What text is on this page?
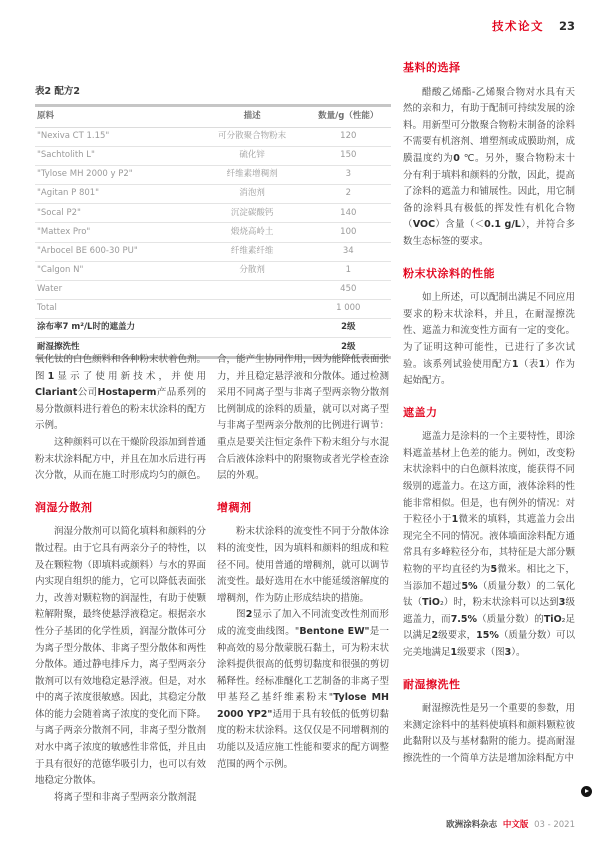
技术论文 23

表2 配方2

原料	描述	数量/g（性能）
"Nexiva CT 1.15"	可分散聚合物粉末	120
"Sachtolith L"	硫化锌	150
"Tylose MH 2000 y P2"	纤维素增稠剂	3
"Agitan P 801"	消泡剂	2
"Socal P2"	沉淀碳酸钙	140
"Mattex Pro"	煅烧高岭土	100
"Arbocel BE 600-30 PU"	纤维素纤维	34
"Calgon N"	分散剂	1
Water		450
Total		1 000
涂布率7 m²/L时的遮盖力		2级
耐湿擦洗性		2级

氧化钛的白色颜料和各种粉末状着色剂。图1显示了使用新技术，并使用Clariant公司Hostaperm产品系列的易分散颜料进行着色的粉末状涂料的配方示例。

这种颜料可以在干燥阶段添加到普通粉末状涂料配方中，并且在加水后进行再次分散，从而在施工时形成均匀的颜色。

润湿分散剂

润湿分散剂可以简化填料和颜料的分散过程。由于它具有两亲分子的特性，以及在颗粒物（即填料或颜料）与水的界面内实现自组织的能力，它可以降低表面张力，改善对颗粒物的润湿性，有助于使颗粒解附聚，最终使悬浮液稳定。根据亲水性分子基团的化学性质，润湿分散体可分为离子型分散体、非离子型分散体和两性分散体。通过静电排斥力，离子型两亲分散剂可以有效地稳定悬浮液。但是，对水中的离子浓度很敏感。因此，其稳定分散体的能力会随着离子浓度的变化而下降。与离子两亲分散剂不同，非离子型分散剂对水中离子浓度的敏感性非常低，并且由于具有很好的范德华吸引力，也可以有效地稳定分散体。

将离子型和非离子型两亲分散剂混

合，能产生协同作用，因为能降低表面张力，并且稳定悬浮液和分散体。通过检测采用不同离子型与非离子型两亲物分散剂比例制成的涂料的质量，就可以对离子型与非离子型两亲分散剂的比例进行调节：重点是要关注恒定条件下粉末组分与水混合后液体涂料中的附聚物或者光学检查涂层的外观。

增稠剂

粉末状涂料的流变性不同于分散体涂料的流变性，因为填料和颜料的组成和粒径不同。使用普通的增稠剂，就可以调节流变性。最好选用在水中能延缓溶解度的增稠剂，作为防止形成结块的措施。

图2显示了加入不同流变改性剂而形成的流变曲线图。"Bentone EW"是一种高效的易分散蒙脱石黏土，可为粉末状涂料提供很高的低剪切黏度和很强的剪切稀释性。经标准醚化工艺制备的非离子型甲基羟乙基纤维素粉末"Tylose MH 2000 YP2"适用于具有较低的低剪切黏度的粉末状涂料。这仅仅是不同增稠剂的功能以及适应施工性能和要求的配方调整范围的两个示例。

基料的选择

醋酸乙烯酯-乙烯聚合物对水具有天然的亲和力，有助于配制可持续发展的涂料。用新型可分散聚合物粉末制备的涂料不需要有机溶剂、增塑剂或成膜助剂，成膜温度约为0 ℃。另外，聚合物粉末十分有利于填料和颜料的分散，因此，提高了涂料的遮盖力和铺展性。因此，用它制备的涂料具有极低的挥发性有机化合物（VOC）含量（＜0.1 g/L），并符合多数生态标签的要求。

粉末状涂料的性能

如上所述，可以配制出满足不同应用要求的粉末状涂料，并且，在耐湿擦洗性、遮盖力和流变性方面有一定的变化。为了证明这种可能性，已进行了多次试验。该系列试验使用配方1（表1）作为起始配方。

遮盖力

遮盖力是涂料的一个主要特性，即涂料遮盖基材上色差的能力。例如，改变粉末状涂料中的白色颜料浓度，能获得不同级别的遮盖力。在这方面，液体涂料的性能非常相似。但是，也有例外的情况：对于粒径小于1微米的填料，其遮盖力会出现完全不同的情况。液体墙面涂料配方通常具有多峰粒径分布，其特征是大部分颗粒物的平均直径约为5微米。相比之下，当添加不超过5%（质量分数）的二氧化钛（TiO₂）时，粉末状涂料可以达到3级遮盖力，而7.5%（质量分数）的TiO₂足以满足2级要求，15%（质量分数）可以完美地满足1级要求（图3）。

耐湿擦洗性

耐湿擦洗性是另一个重要的参数，用来测定涂料中的基料使填料和颜料颗粒彼此黏附以及与基材黏附的能力。提高耐湿擦洗性的一个简单方法是增加涂料配方中

欧洲涂料杂志 中文版 03 - 2021
